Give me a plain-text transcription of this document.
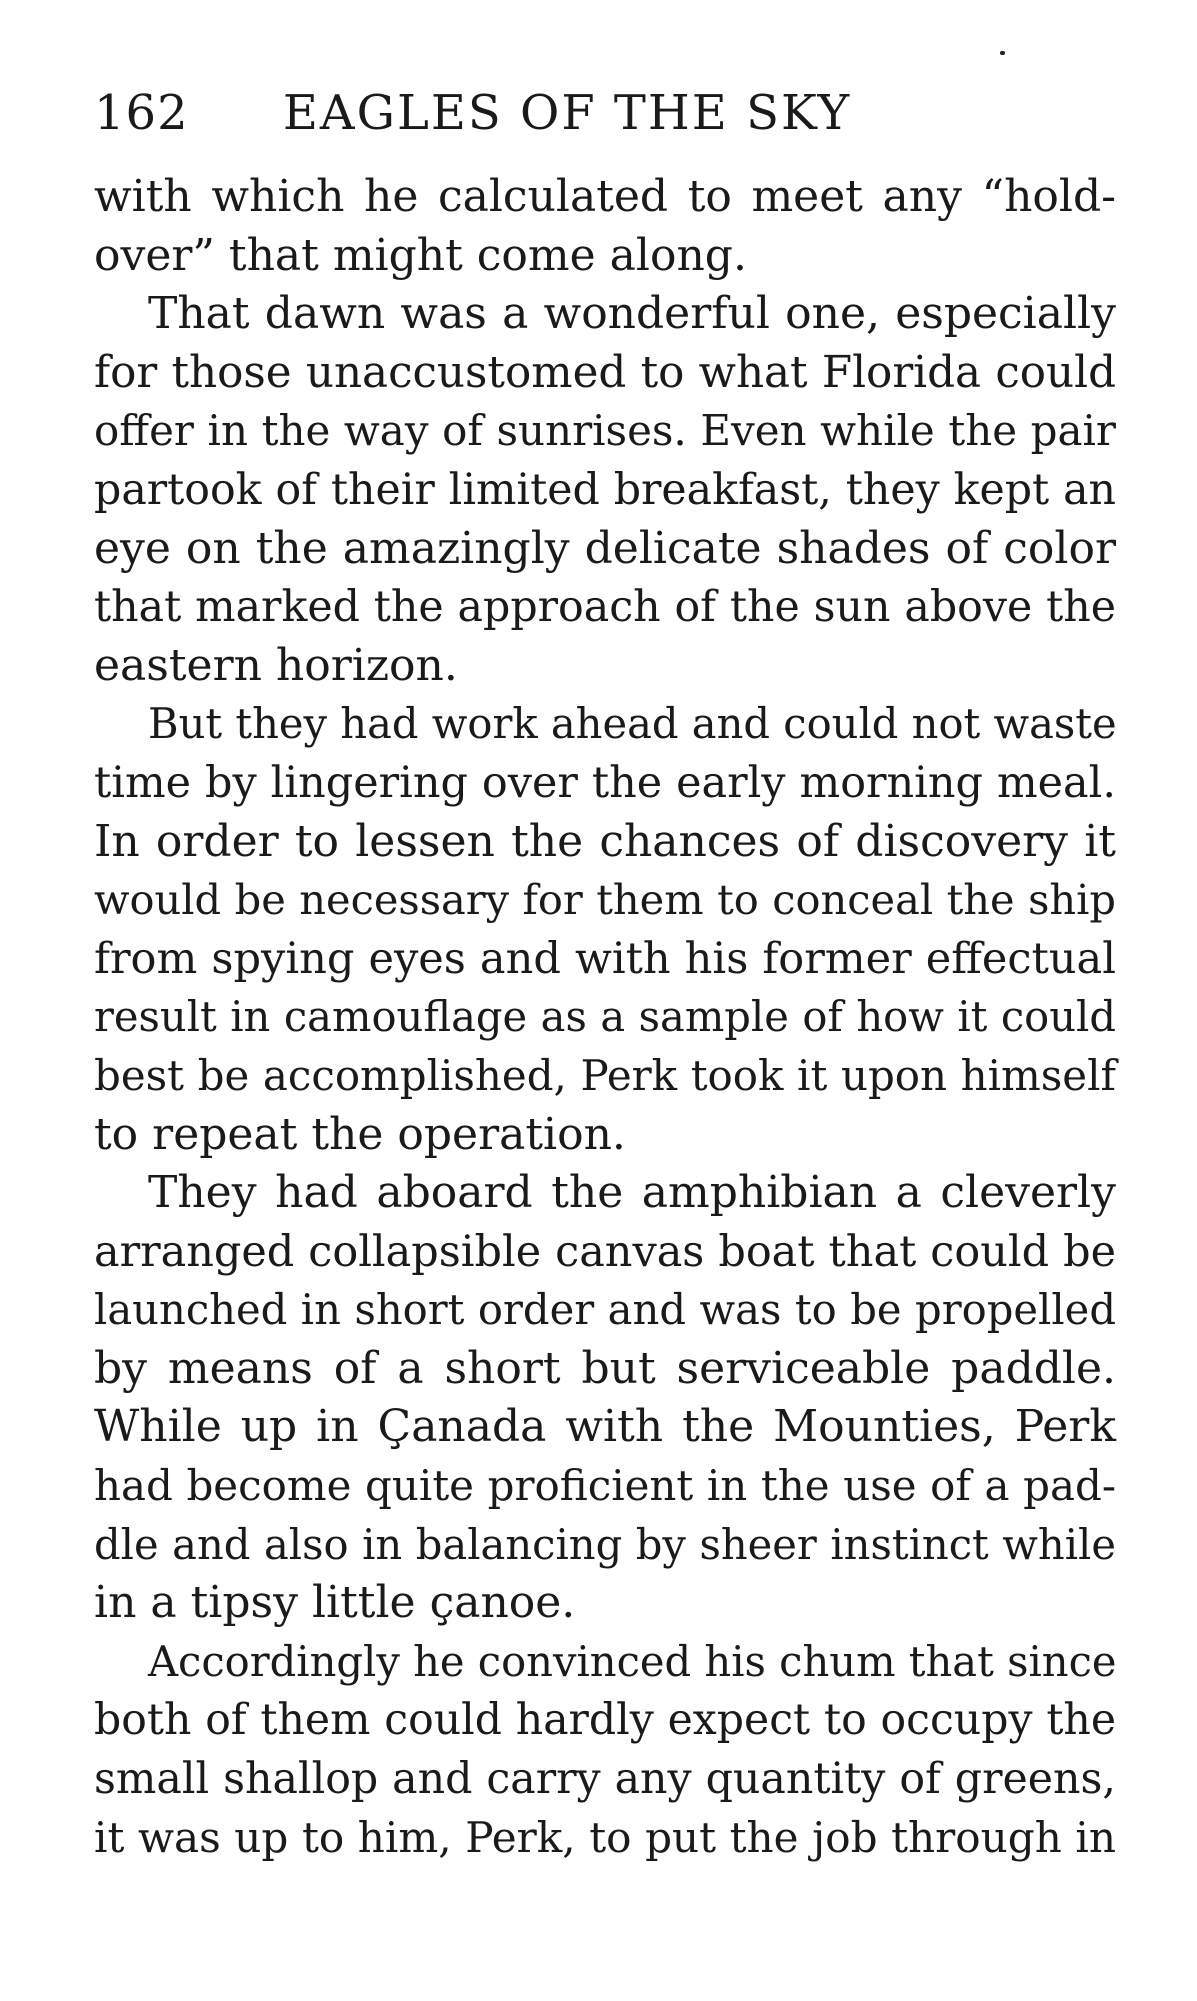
162 EAGLES OF THE SKY
with which he calculated to meet any “hold-
over” that might come along.
That dawn was a wonderful one, especially
for those unaccustomed to what Florida could
offer in the way of sunrises. Even while the pair
partook of their limited breakfast, they kept an
eye on the amazingly delicate shades of color
that marked the approach of the sun above the
eastern horizon.
But they had work ahead and could not waste
time by lingering over the early morning meal.
In order to lessen the chances of discovery it
would be necessary for them to conceal the ship
from spying eyes and with his former effectual
result in camouflage as a sample of how it could
best be accomplished, Perk took it upon himself
to repeat the operation.
They had aboard the amphibian a cleverly
arranged collapsible canvas boat that could be
launched in short order and was to be propelled
by means of a short but serviceable paddle.
While up in Çanada with the Mounties, Perk
had become quite proficient in the use of a pad-
dle and also in balancing by sheer instinct while
in a tipsy little çanoe.
Accordingly he convinced his chum that since
both of them could hardly expect to occupy the
small shallop and carry any quantity of greens,
it was up to him, Perk, to put the job through in
